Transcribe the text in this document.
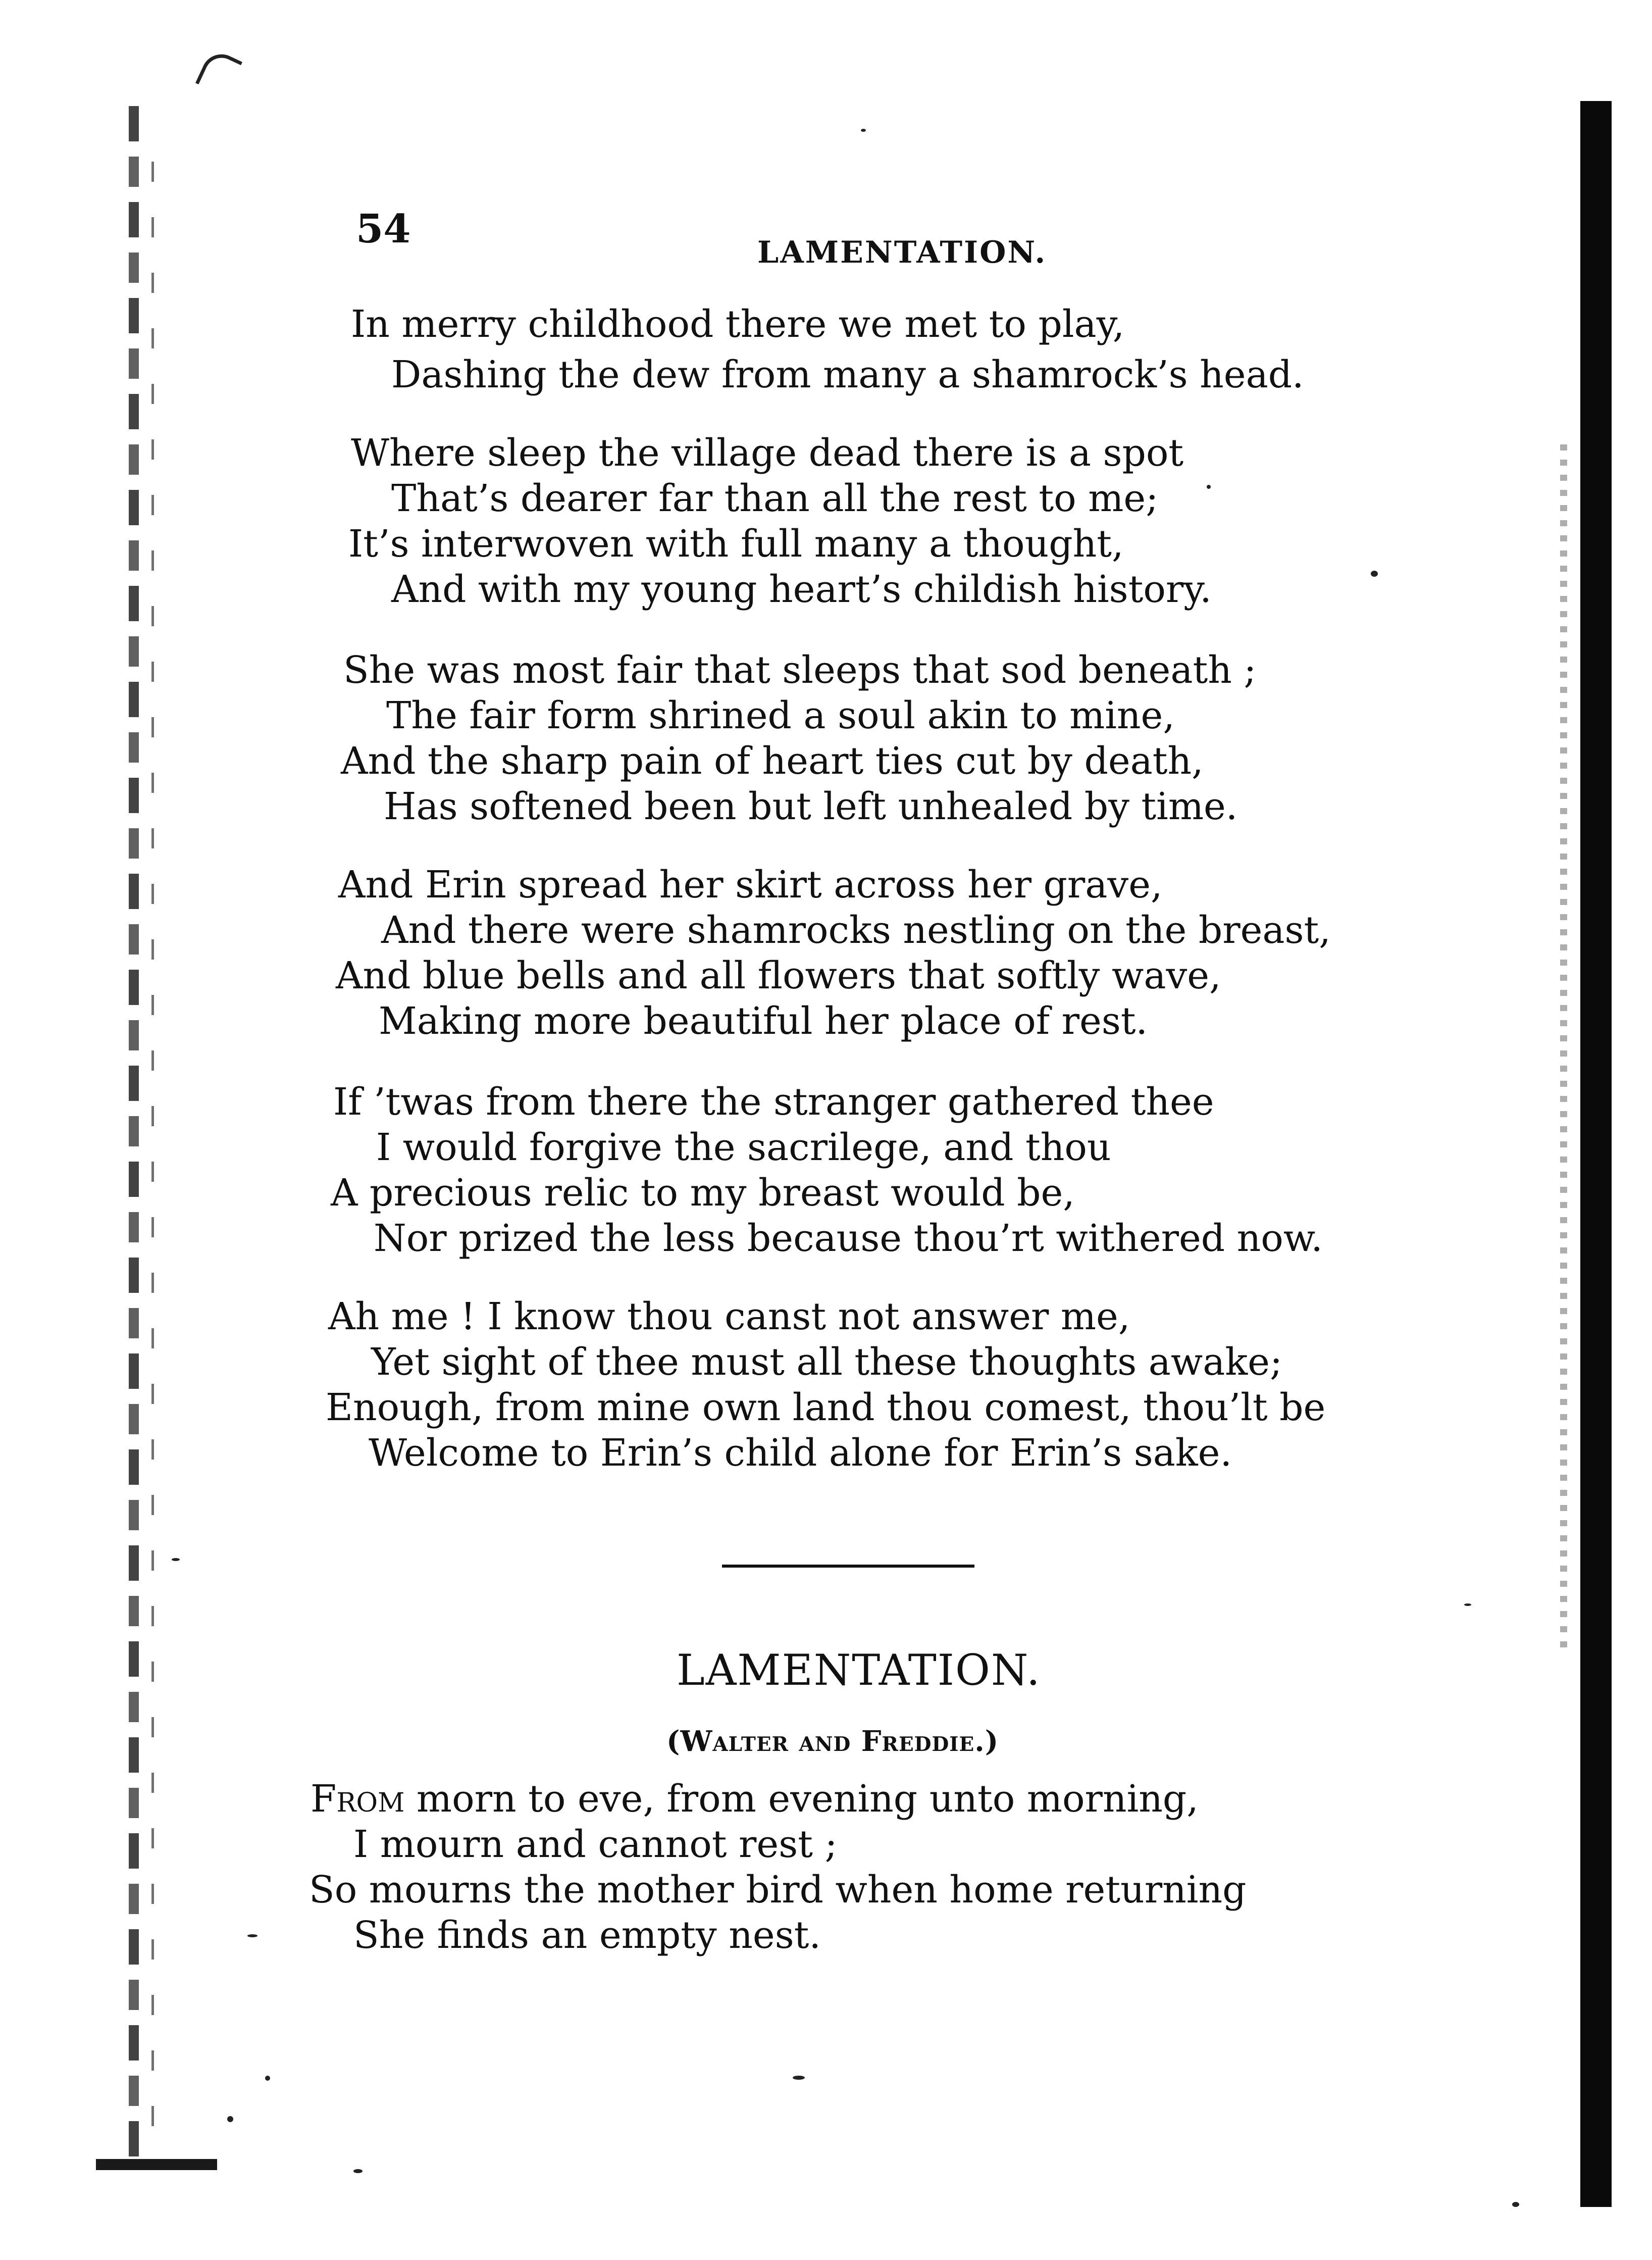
54
LAMENTATION.
In merry childhood there we met to play,
Dashing the dew from many a shamrock’s head.
Where sleep the village dead there is a spot
That’s dearer far than all the rest to me;
It’s interwoven with full many a thought,
And with my young heart’s childish history.
She was most fair that sleeps that sod beneath ;
The fair form shrined a soul akin to mine,
And the sharp pain of heart ties cut by death,
Has softened been but left unhealed by time.
And Erin spread her skirt across her grave,
And there were shamrocks nestling on the breast,
And blue bells and all flowers that softly wave,
Making more beautiful her place of rest.
If ’twas from there the stranger gathered thee
I would forgive the sacrilege, and thou
A precious relic to my breast would be,
Nor prized the less because thou’rt withered now.
Ah me ! I know thou canst not answer me,
Yet sight of thee must all these thoughts awake;
Enough, from mine own land thou comest, thou’lt be
Welcome to Erin’s child alone for Erin’s sake.
LAMENTATION.
(Walter and Freddie.)
From morn to eve, from evening unto morning,
I mourn and cannot rest ;
So mourns the mother bird when home returning
She finds an empty nest.
